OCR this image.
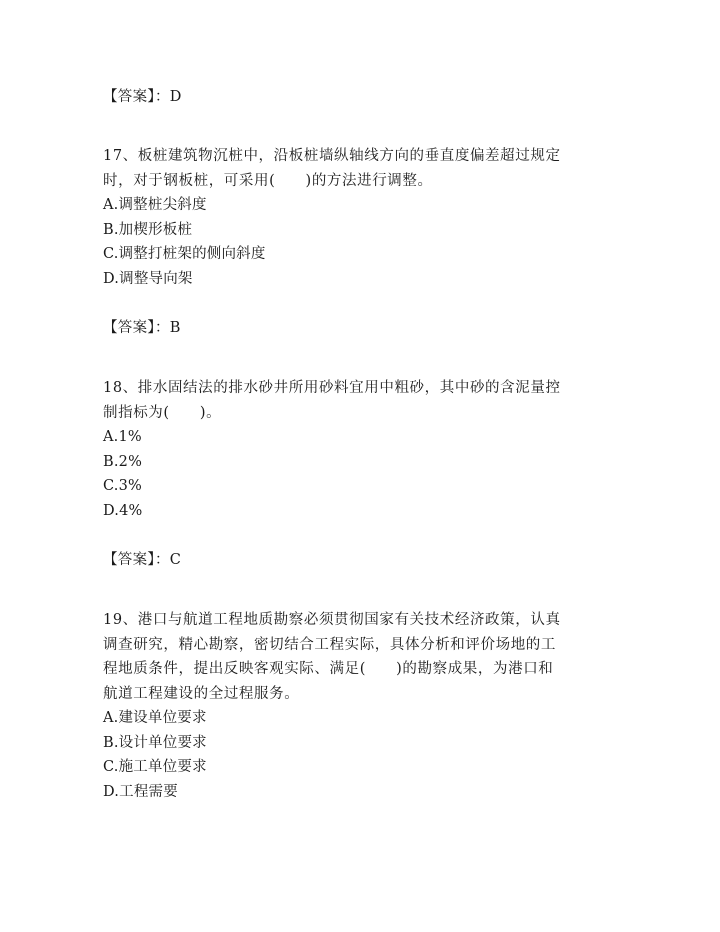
【答案】：D
17、板桩建筑物沉桩中，沿板桩墙纵轴线方向的垂直度偏差超过规定
时，对于钢板桩，可采用(　　)的方法进行调整。
A.调整桩尖斜度
B.加楔形板桩
C.调整打桩架的侧向斜度
D.调整导向架
【答案】：B
18、排水固结法的排水砂井所用砂料宜用中粗砂，其中砂的含泥量控
制指标为(　　)。
A.1%
B.2%
C.3%
D.4%
【答案】：C
19、港口与航道工程地质勘察必须贯彻国家有关技术经济政策，认真
调查研究，精心勘察，密切结合工程实际，具体分析和评价场地的工
程地质条件，提出反映客观实际、满足(　　)的勘察成果，为港口和
航道工程建设的全过程服务。
A.建设单位要求
B.设计单位要求
C.施工单位要求
D.工程需要
